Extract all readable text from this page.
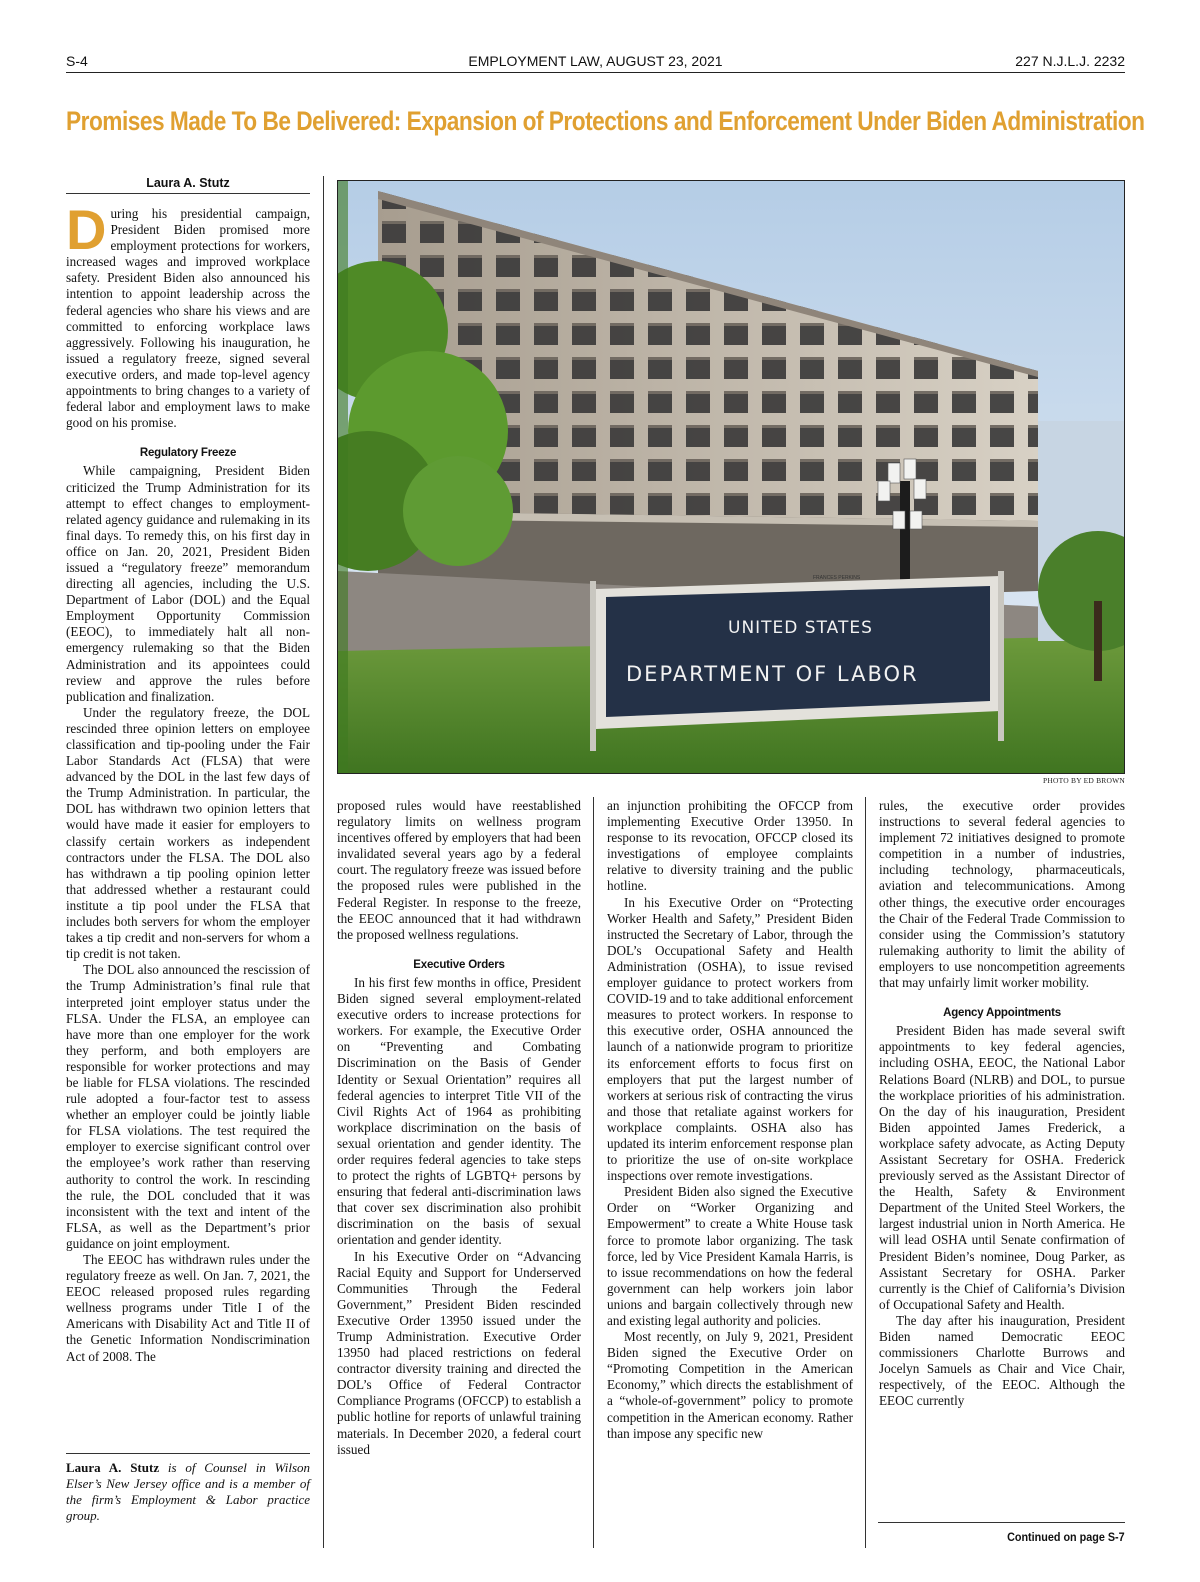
S-4	EMPLOYMENT LAW, AUGUST 23, 2021	227 N.J.L.J. 2232
Promises Made To Be Delivered: Expansion of Protections and Enforcement Under Biden Administration
Laura A. Stutz

During his presidential campaign, President Biden promised more employment protections for workers, increased wages and improved workplace safety. President Biden also announced his intention to appoint leadership across the federal agencies who share his views and are committed to enforcing workplace laws aggressively. Following his inauguration, he issued a regulatory freeze, signed several executive orders, and made top-level agency appointments to bring changes to a variety of federal labor and employment laws to make good on his promise.

Regulatory Freeze

While campaigning, President Biden criticized the Trump Administration for its attempt to effect changes to employment-related agency guidance and rulemaking in its final days. To remedy this, on his first day in office on Jan. 20, 2021, President Biden issued a “regulatory freeze” memorandum directing all agencies, including the U.S. Department of Labor (DOL) and the Equal Employment Opportunity Commission (EEOC), to immediately halt all non-emergency rulemaking so that the Biden Administration and its appointees could review and approve the rules before publication and finalization.

Under the regulatory freeze, the DOL rescinded three opinion letters on employee classification and tip-pooling under the Fair Labor Standards Act (FLSA) that were advanced by the DOL in the last few days of the Trump Administration. In particular, the DOL has withdrawn two opinion letters that would have made it easier for employers to classify certain workers as independent contractors under the FLSA. The DOL also has withdrawn a tip pooling opinion letter that addressed whether a restaurant could institute a tip pool under the FLSA that includes both servers for whom the employer takes a tip credit and non-servers for whom a tip credit is not taken.

The DOL also announced the rescission of the Trump Administration’s final rule that interpreted joint employer status under the FLSA. Under the FLSA, an employee can have more than one employer for the work they perform, and both employers are responsible for worker protections and may be liable for FLSA violations. The rescinded rule adopted a four-factor test to assess whether an employer could be jointly liable for FLSA violations. The test required the employer to exercise significant control over the employee’s work rather than reserving authority to control the work. In rescinding the rule, the DOL concluded that it was inconsistent with the text and intent of the FLSA, as well as the Department’s prior guidance on joint employment.

The EEOC has withdrawn rules under the regulatory freeze as well. On Jan. 7, 2021, the EEOC released proposed rules regarding wellness programs under Title I of the Americans with Disability Act and Title II of the Genetic Information Nondiscrimination Act of 2008. The

Laura A. Stutz is of Counsel in Wilson Elser’s New Jersey office and is a member of the firm’s Employment & Labor practice group.
FRANCES PERKINS
UNITED STATES
DEPARTMENT OF LABOR
PHOTO BY ED BROWN

proposed rules would have reestablished regulatory limits on wellness program incentives offered by employers that had been invalidated several years ago by a federal court. The regulatory freeze was issued before the proposed rules were published in the Federal Register. In response to the freeze, the EEOC announced that it had withdrawn the proposed wellness regulations.

Executive Orders

In his first few months in office, President Biden signed several employment-related executive orders to increase protections for workers. For example, the Executive Order on “Preventing and Combating Discrimination on the Basis of Gender Identity or Sexual Orientation” requires all federal agencies to interpret Title VII of the Civil Rights Act of 1964 as prohibiting workplace discrimination on the basis of sexual orientation and gender identity. The order requires federal agencies to take steps to protect the rights of LGBTQ+ persons by ensuring that federal anti-discrimination laws that cover sex discrimination also prohibit discrimination on the basis of sexual orientation and gender identity.

In his Executive Order on “Advancing Racial Equity and Support for Underserved Communities Through the Federal Government,” President Biden rescinded Executive Order 13950 issued under the Trump Administration. Executive Order 13950 had placed restrictions on federal contractor diversity training and directed the DOL’s Office of Federal Contractor Compliance Programs (OFCCP) to establish a public hotline for reports of unlawful training materials. In December 2020, a federal court issued

an injunction prohibiting the OFCCP from implementing Executive Order 13950. In response to its revocation, OFCCP closed its investigations of employee complaints relative to diversity training and the public hotline.

In his Executive Order on “Protecting Worker Health and Safety,” President Biden instructed the Secretary of Labor, through the DOL’s Occupational Safety and Health Administration (OSHA), to issue revised employer guidance to protect workers from COVID-19 and to take additional enforcement measures to protect workers. In response to this executive order, OSHA announced the launch of a nationwide program to prioritize its enforcement efforts to focus first on employers that put the largest number of workers at serious risk of contracting the virus and those that retaliate against workers for workplace complaints. OSHA also has updated its interim enforcement response plan to prioritize the use of on-site workplace inspections over remote investigations.

President Biden also signed the Executive Order on “Worker Organizing and Empowerment” to create a White House task force to promote labor organizing. The task force, led by Vice President Kamala Harris, is to issue recommendations on how the federal government can help workers join labor unions and bargain collectively through new and existing legal authority and policies.

Most recently, on July 9, 2021, President Biden signed the Executive Order on “Promoting Competition in the American Economy,” which directs the establishment of a “whole-of-government” policy to promote competition in the American economy. Rather than impose any specific new

rules, the executive order provides instructions to several federal agencies to implement 72 initiatives designed to promote competition in a number of industries, including technology, pharmaceuticals, aviation and telecommunications. Among other things, the executive order encourages the Chair of the Federal Trade Commission to consider using the Commission’s statutory rulemaking authority to limit the ability of employers to use noncompetition agreements that may unfairly limit worker mobility.

Agency Appointments

President Biden has made several swift appointments to key federal agencies, including OSHA, EEOC, the National Labor Relations Board (NLRB) and DOL, to pursue the workplace priorities of his administration. On the day of his inauguration, President Biden appointed James Frederick, a workplace safety advocate, as Acting Deputy Assistant Secretary for OSHA. Frederick previously served as the Assistant Director of the Health, Safety & Environment Department of the United Steel Workers, the largest industrial union in North America. He will lead OSHA until Senate confirmation of President Biden’s nominee, Doug Parker, as Assistant Secretary for OSHA. Parker currently is the Chief of California’s Division of Occupational Safety and Health.

The day after his inauguration, President Biden named Democratic EEOC commissioners Charlotte Burrows and Jocelyn Samuels as Chair and Vice Chair, respectively, of the EEOC. Although the EEOC currently

Continued on page S-7
